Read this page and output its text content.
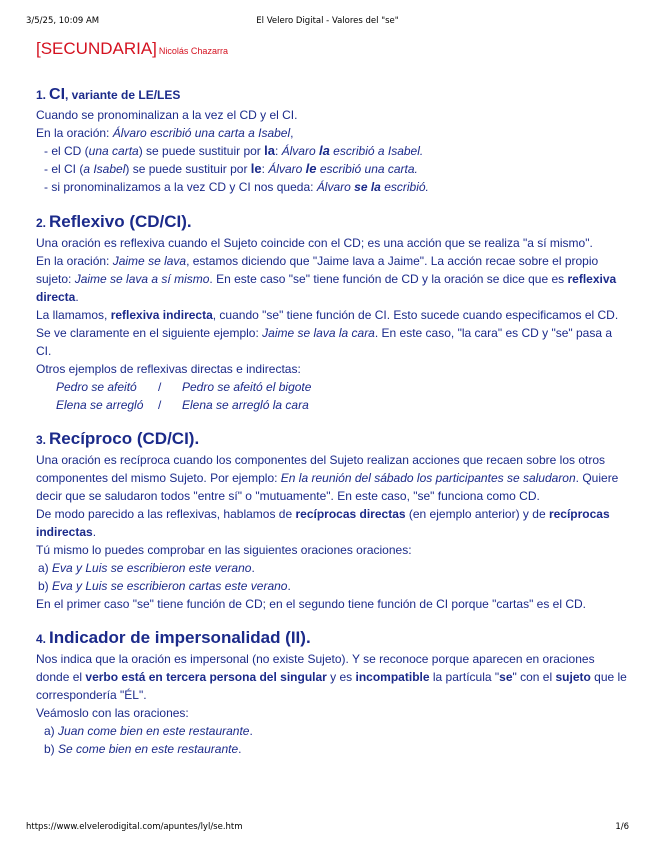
3/5/25, 10:09 AM	El Velero Digital - Valores del "se"
[SECUNDARIA] Nicolás Chazarra
1. CI, variante de LE/LES

Cuando se pronominalizan a la vez el CD y el CI.

En la oración: Álvaro escribió una carta a Isabel,

- el CD (una carta) se puede sustituir por la: Álvaro la escribió a Isabel.

- el CI (a Isabel) se puede sustituir por le: Álvaro le escribió una carta.

- si pronominalizamos a la vez CD y CI nos queda: Álvaro se la escribió.

2. Reflexivo (CD/CI).

Una oración es reflexiva cuando el Sujeto coincide con el CD; es una acción que se realiza "a sí mismo".

En la oración: Jaime se lava, estamos diciendo que "Jaime lava a Jaime". La acción recae sobre el propio sujeto: Jaime se lava a sí mismo. En este caso "se" tiene función de CD y la oración se dice que es reflexiva directa.

La llamamos, reflexiva indirecta, cuando "se" tiene función de CI. Esto sucede cuando especificamos el CD. Se ve claramente en el siguiente ejemplo: Jaime se lava la cara. En este caso, "la cara" es CD y "se" pasa a CI.

Otros ejemplos de reflexivas directas e indirectas:

Pedro se afeitó / Pedro se afeitó el bigote

Elena se arregló / Elena se arregló la cara

3. Recíproco (CD/CI).

Una oración es recíproca cuando los componentes del Sujeto realizan acciones que recaen sobre los otros componentes del mismo Sujeto. Por ejemplo: En la reunión del sábado los participantes se saludaron. Quiere decir que se saludaron todos "entre sí" o "mutuamente". En este caso, "se" funciona como CD.

De modo parecido a las reflexivas, hablamos de recíprocas directas (en ejemplo anterior) y de recíprocas indirectas.

Tú mismo lo puedes comprobar en las siguientes oraciones oraciones:

a) Eva y Luis se escribieron este verano.

b) Eva y Luis se escribieron cartas este verano.

En el primer caso "se" tiene función de CD; en el segundo tiene función de CI porque "cartas" es el CD.

4. Indicador de impersonalidad (II).

Nos indica que la oración es impersonal (no existe Sujeto). Y se reconoce porque aparecen en oraciones donde el verbo está en tercera persona del singular y es incompatible la partícula "se" con el sujeto que le correspondería "ÉL".

Veámoslo con las oraciones:

a) Juan come bien en este restaurante.

b) Se come bien en este restaurante.

https://www.elvelerodigital.com/apuntes/lyl/se.htm	1/6
